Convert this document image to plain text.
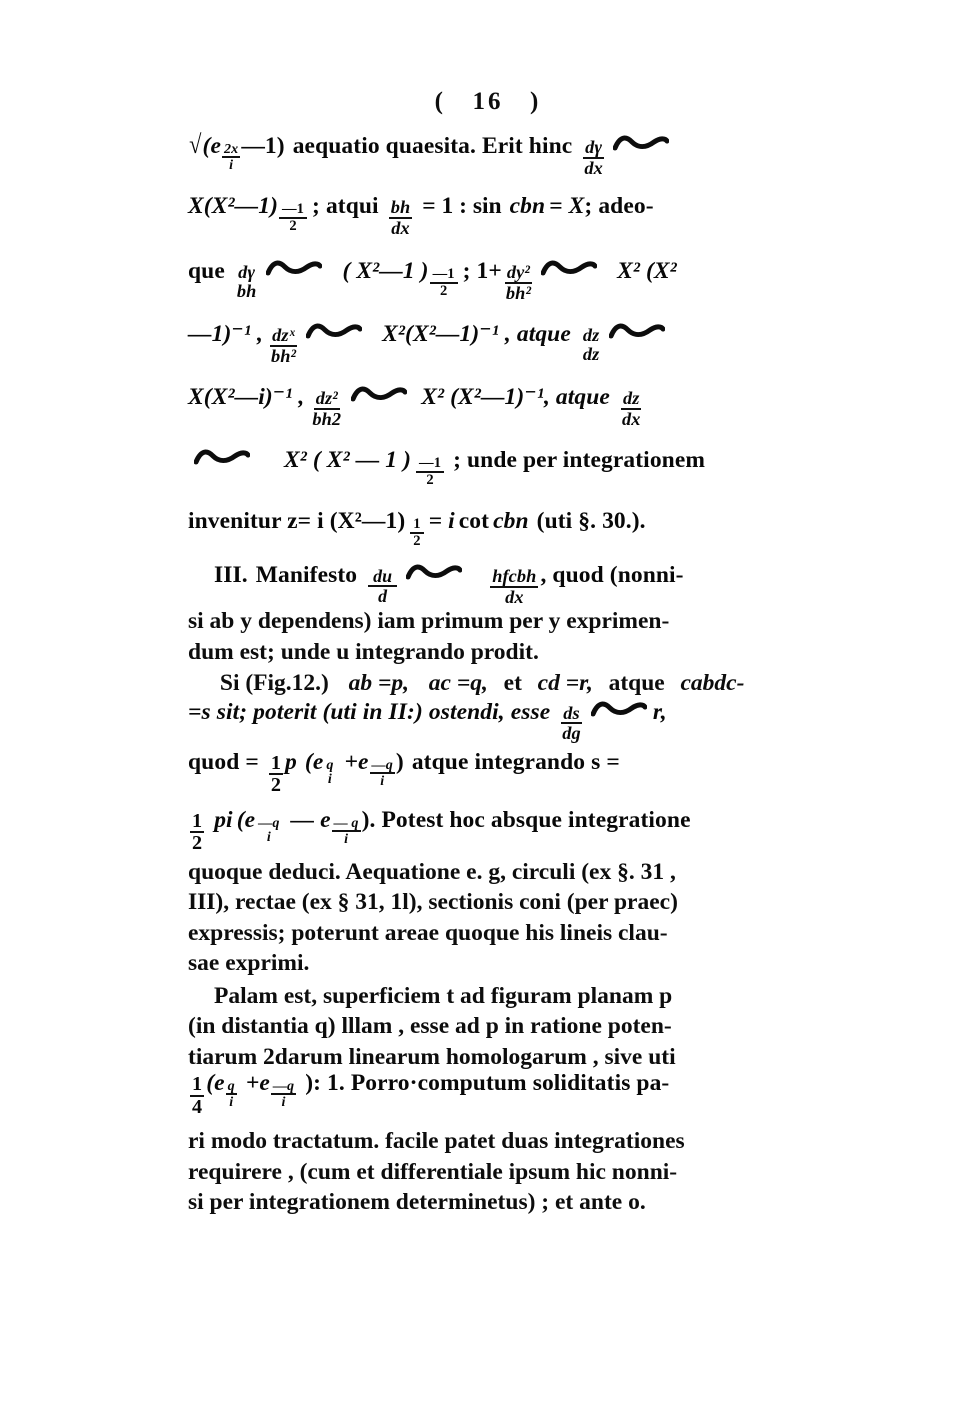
( 16 )
√ ($e \frac{2x}{i}$ —1) aequatio quaesita. Erit hinc $\frac{d\gamma}{dx}$
X(X²—1) $\frac{—1}{2}$ ; atqui $\frac{bh}{dx} = 1$ : sin cbn = X ; adeo-
que dγ
bh
( X²—1 ) $\frac{—1}{2}$ ; $1+ \frac{\text{dy²}}{\text{bh²}}$	X² (X²
—1)⁻¹ , $\frac{\text{dzˣ}}{\text{bh²}}$	X²(X²—1)⁻¹ , atque dz
dz
X(X²—i)⁻¹ , $\frac{\text{dz²}}{bh2}$	X² (X²—1)⁻¹, atque $\frac{dz}{dx}$
X² ( X² — 1 ) $\frac{—1}{2}$ ; unde per integrationem
invenitur z= i (X²—1) $\frac{1}{2} = i$ cot cbn (uti §. 30.).
III. Manifesto $\frac{du}{d}$	$\frac{\text{hfcbh}}{dx}$ , quod (nonni-
si ab y dependens) iam primum per y exprimen-
dum est; unde u integrando prodit.
Si (Fig.12.) ab =p, ac =q, et cd =r, atque cabdc-
=s sit; poterit (uti in II:) ostendi, esse $\frac{ds}{dg}$	r,
quod = $\frac{1}{2}$ p (e q
i
$+e \frac{—q}{i}$ ) atque integrando s =
$\frac{1}{2}$ pi (e —q
i
— e $\frac{— q}{i}$ ) . Potest hoc absque integratione
quoque deduci. Aequatione e. g, circuli (ex §. 31 ,
III), rectae (ex § 31, 1l), sectionis coni (per praec)
expressis; poterunt areae quoque his lineis clau-
sae exprimi.
Palam est, superficiem t ad figuram planam p
(in distantia q) lllam , esse ad p in ratione poten-
tiarum 2darum linearum homologarum , sive uti
$\frac{1}{4} (e \frac{q}{i} +e \frac{—q}{i}$ ) : 1. Porro·computum soliditatis pa-
ri modo tractatum. facile patet duas integrationes
requirere , (cum et differentiale ipsum hic nonni-
si per integrationem determinetus) ; et ante o.
